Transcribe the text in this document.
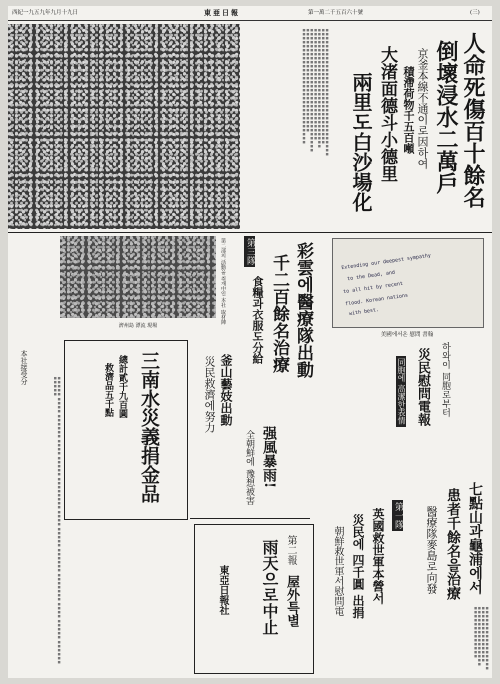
西紀一九五九年九月十九日	東亜日報	第一萬二千五百六十號	(三)
■■■■■■■■■■■■■■■■■■■■■■■■■■■■■■■■ ■■■■■■■■■■■■■■■■■■■■■■■■■■■■■ ■■■■■■■■■■■■■■■■■■■■■■■■■■■■■■ ■■■■■■■■■■■■■■■■■■■■■■■■■■■■ ■■■■■■■■■■■■■■■■■■■■■■■■■■■■■■■ ■■■■■■■■■■■■■■■■■■■■■■■■■■ ■■■■■■■■■■■■■■■■■■■■■■■■■■■■■	人命死傷百十餘名
倒壞浸水二萬戶
京釜本線不通이로因하여
積滯荷物千五百噸
大渚面德斗小德里
兩里도白沙場化
濟州島 漂流 現場
第二部의 活動을 취재中인 本社 取材陣 第三隊 彩雲에醫療隊出動
千二百餘名治療
食糧과衣服도分給
Extending our deepest sympathy
to the Dead, and
to all hit by recent
flood. Korean nations
with best.
美國에서온 慰問 書翰
하와이 同胞로부터
災民慰問電報
同胞에 高潔한表情
三南水災義捐金品
總計貳千九百圓
救濟品五千點
本社接受分
■■■■■ ■■■■ ■■■■■■ ■■■■ ■■■■■ ■■■■■■■■ ■■■■ ■■■■■ ■■■■■■ ■■■■■■■ ■■■■ ■■■■■ ■■■■■■ ■■■■■	釜山藝妓出動
災民救濟에努力
强風暴雨!
全朝鮮에 豫想被害
第二報
屋外특별
雨天으로中止
東亞日報社
第一隊
英國救世軍本營서
災民에 四千圓 出捐
朝鮮救世軍서慰問電	七點山과龜浦에서
患者千餘名을治療
醫療隊麥島로向發
■■■■■■■■■■■■■■■■ ■■■■■■■■■■■■■■ ■■■■■■■■■■■■■■■ ■■■■■■■■■■■■■
